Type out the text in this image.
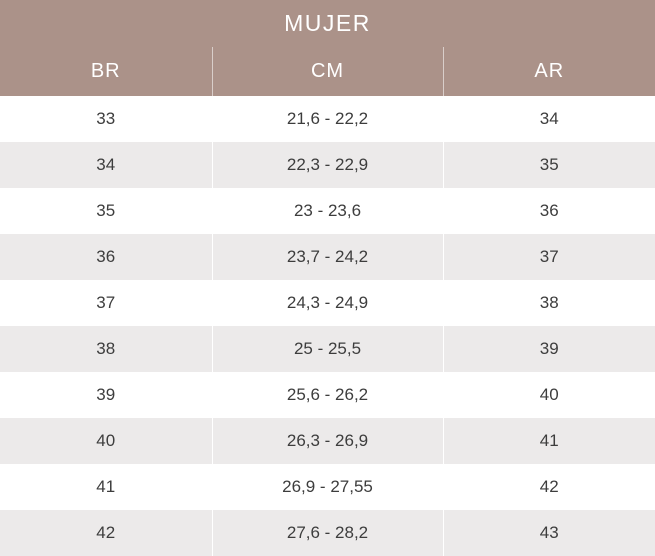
MUJER		
BR	CM	AR
33	21,6 - 22,2	34
34	22,3 - 22,9	35
35	23 - 23,6	36
36	23,7 - 24,2	37
37	24,3 - 24,9	38
38	25 - 25,5	39
39	25,6 - 26,2	40
40	26,3 - 26,9	41
41	26,9 - 27,55	42
42	27,6 - 28,2	43
